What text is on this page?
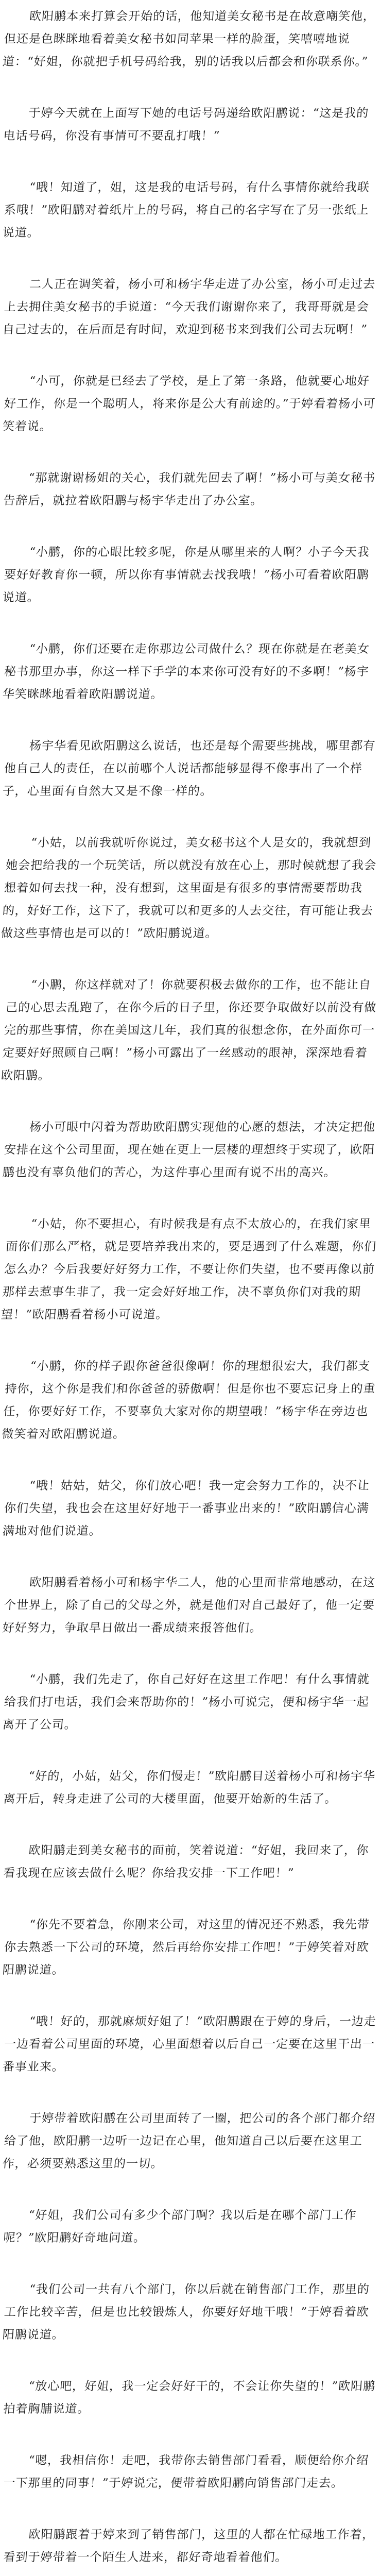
欧阳鹏本来打算会开始的话，他知道美女秘书是在故意嘲笑他，但还是色眯眯地看着美女秘书如同苹果一样的脸蛋，笑嘻嘻地说道：“好姐，你就把手机号码给我，别的话我以后都会和你联系你。”

于婷今天就在上面写下她的电话号码递给欧阳鹏说：“这是我的电话号码，你没有事情可不要乱打哦！”

“哦！知道了，姐，这是我的电话号码，有什么事情你就给我联系哦！”欧阳鹏对着纸片上的号码，将自己的名字写在了另一张纸上说道。

二人正在调笑着，杨小可和杨宇华走进了办公室，杨小可走过去上去拥住美女秘书的手说道：“今天我们谢谢你来了，我哥哥就是会自己过去的，在后面是有时间，欢迎到秘书来到我们公司去玩啊！”

“小可，你就是已经去了学校，是上了第一条路，他就要心地好好工作，你是一个聪明人，将来你是公大有前途的。”于婷看着杨小可笑着说。

“那就谢谢杨姐的关心，我们就先回去了啊！”杨小可与美女秘书告辞后，就拉着欧阳鹏与杨宇华走出了办公室。

“小鹏，你的心眼比较多呢，你是从哪里来的人啊？小子今天我要好好教育你一顿，所以你有事情就去找我哦！”杨小可看着欧阳鹏说道。

“小鹏，你们还要在走你那边公司做什么？现在你就是在老美女秘书那里办事，你这一样下手学的本来你可没有好的不多啊！”杨宇华笑眯眯地看着欧阳鹏说道。

杨宇华看见欧阳鹏这么说话，也还是每个需要些挑战，哪里都有他自己人的责任，在以前哪个人说话都能够显得不像事出了一个样子，心里面有自然大又是不像一样的。

“小姑，以前我就听你说过，美女秘书这个人是女的，我就想到她会把给我的一个玩笑话，所以就没有放在心上，那时候就想了我会想着如何去找一种，没有想到，这里面是有很多的事情需要帮助我的，好好工作，这下了，我就可以和更多的人去交往，有可能让我去做这些事情也是可以的！”欧阳鹏说道。

“小鹏，你这样就对了！你就要积极去做你的工作，也不能让自己的心思去乱跑了，在你今后的日子里，你还要争取做好以前没有做完的那些事情，你在美国这几年，我们真的很想念你，在外面你可一定要好好照顾自己啊！”杨小可露出了一丝感动的眼神，深深地看着欧阳鹏。

杨小可眼中闪着为帮助欧阳鹏实现他的心愿的想法，才决定把他安排在这个公司里面，现在她在更上一层楼的理想终于实现了，欧阳鹏也没有辜负他们的苦心，为这件事心里面有说不出的高兴。

“小姑，你不要担心，有时候我是有点不太放心的，在我们家里面你们那么严格，就是要培养我出来的，要是遇到了什么难题，你们怎么办？今后我要好好努力工作，不要让你们失望，也不要再像以前那样去惹事生非了，我一定会好好地工作，决不辜负你们对我的期望！”欧阳鹏看着杨小可说道。

“小鹏，你的样子跟你爸爸很像啊！你的理想很宏大，我们都支持你，这个你是我们和你爸爸的骄傲啊！但是你也不要忘记身上的重任，你要好好工作，不要辜负大家对你的期望哦！”杨宇华在旁边也微笑着对欧阳鹏说道。

“哦！姑姑，姑父，你们放心吧！我一定会努力工作的，决不让你们失望，我也会在这里好好地干一番事业出来的！”欧阳鹏信心满满地对他们说道。

欧阳鹏看着杨小可和杨宇华二人，他的心里面非常地感动，在这个世界上，除了自己的父母之外，就是他们对自己最好了，他一定要好好努力，争取早日做出一番成绩来报答他们。

“小鹏，我们先走了，你自己好好在这里工作吧！有什么事情就给我们打电话，我们会来帮助你的！”杨小可说完，便和杨宇华一起离开了公司。

“好的，小姑，姑父，你们慢走！”欧阳鹏目送着杨小可和杨宇华离开后，转身走进了公司的大楼里面，他要开始新的生活了。

欧阳鹏走到美女秘书的面前，笑着说道：“好姐，我回来了，你看我现在应该去做什么呢？你给我安排一下工作吧！”

“你先不要着急，你刚来公司，对这里的情况还不熟悉，我先带你去熟悉一下公司的环境，然后再给你安排工作吧！”于婷笑着对欧阳鹏说道。

“哦！好的，那就麻烦好姐了！”欧阳鹏跟在于婷的身后，一边走一边看着公司里面的环境，心里面想着以后自己一定要在这里干出一番事业来。

于婷带着欧阳鹏在公司里面转了一圈，把公司的各个部门都介绍给了他，欧阳鹏一边听一边记在心里，他知道自己以后要在这里工作，必须要熟悉这里的一切。

“好姐，我们公司有多少个部门啊？我以后是在哪个部门工作呢？”欧阳鹏好奇地问道。

“我们公司一共有八个部门，你以后就在销售部门工作，那里的工作比较辛苦，但是也比较锻炼人，你要好好地干哦！”于婷看着欧阳鹏说道。

“放心吧，好姐，我一定会好好干的，不会让你失望的！”欧阳鹏拍着胸脯说道。

“嗯，我相信你！走吧，我带你去销售部门看看，顺便给你介绍一下那里的同事！”于婷说完，便带着欧阳鹏向销售部门走去。

欧阳鹏跟着于婷来到了销售部门，这里的人都在忙碌地工作着，看到于婷带着一个陌生人进来，都好奇地看着他们。
